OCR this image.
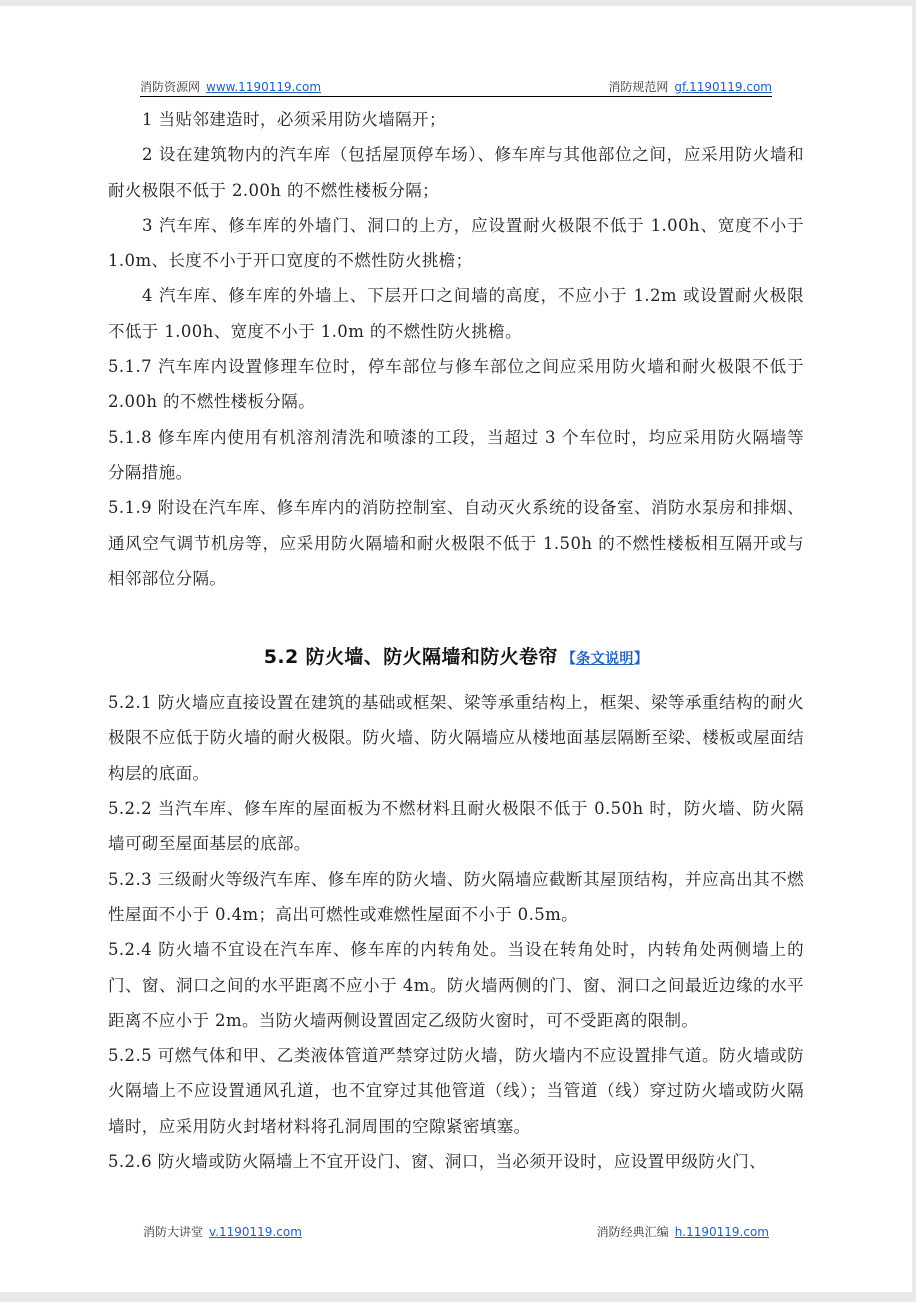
消防资源网 www.1190119.com	消防规范网 gf.1190119.com

1 当贴邻建造时，必须采用防火墙隔开；

2 设在建筑物内的汽车库（包括屋顶停车场）、修车库与其他部位之间，应采用防火墙和耐火极限不低于 2.00h 的不燃性楼板分隔；

3 汽车库、修车库的外墙门、洞口的上方，应设置耐火极限不低于 1.00h、宽度不小于 1.0m、长度不小于开口宽度的不燃性防火挑檐；

4 汽车库、修车库的外墙上、下层开口之间墙的高度，不应小于 1.2m 或设置耐火极限不低于 1.00h、宽度不小于 1.0m 的不燃性防火挑檐。

5.1.7 汽车库内设置修理车位时，停车部位与修车部位之间应采用防火墙和耐火极限不低于 2.00h 的不燃性楼板分隔。

5.1.8 修车库内使用有机溶剂清洗和喷漆的工段，当超过 3 个车位时，均应采用防火隔墙等分隔措施。

5.1.9 附设在汽车库、修车库内的消防控制室、自动灭火系统的设备室、消防水泵房和排烟、通风空气调节机房等，应采用防火隔墙和耐火极限不低于 1.50h 的不燃性楼板相互隔开或与相邻部位分隔。

5.2 防火墙、防火隔墙和防火卷帘 【条文说明】

5.2.1 防火墙应直接设置在建筑的基础或框架、梁等承重结构上，框架、梁等承重结构的耐火极限不应低于防火墙的耐火极限。防火墙、防火隔墙应从楼地面基层隔断至梁、楼板或屋面结构层的底面。

5.2.2 当汽车库、修车库的屋面板为不燃材料且耐火极限不低于 0.50h 时，防火墙、防火隔墙可砌至屋面基层的底部。

5.2.3 三级耐火等级汽车库、修车库的防火墙、防火隔墙应截断其屋顶结构，并应高出其不燃性屋面不小于 0.4m；高出可燃性或难燃性屋面不小于 0.5m。

5.2.4 防火墙不宜设在汽车库、修车库的内转角处。当设在转角处时，内转角处两侧墙上的门、窗、洞口之间的水平距离不应小于 4m。防火墙两侧的门、窗、洞口之间最近边缘的水平距离不应小于 2m。当防火墙两侧设置固定乙级防火窗时，可不受距离的限制。

5.2.5 可燃气体和甲、乙类液体管道严禁穿过防火墙，防火墙内不应设置排气道。防火墙或防火隔墙上不应设置通风孔道，也不宜穿过其他管道（线）；当管道（线）穿过防火墙或防火隔墙时，应采用防火封堵材料将孔洞周围的空隙紧密填塞。

5.2.6 防火墙或防火隔墙上不宜开设门、窗、洞口，当必须开设时，应设置甲级防火门、

消防大讲堂 v.1190119.com	消防经典汇编 h.1190119.com
